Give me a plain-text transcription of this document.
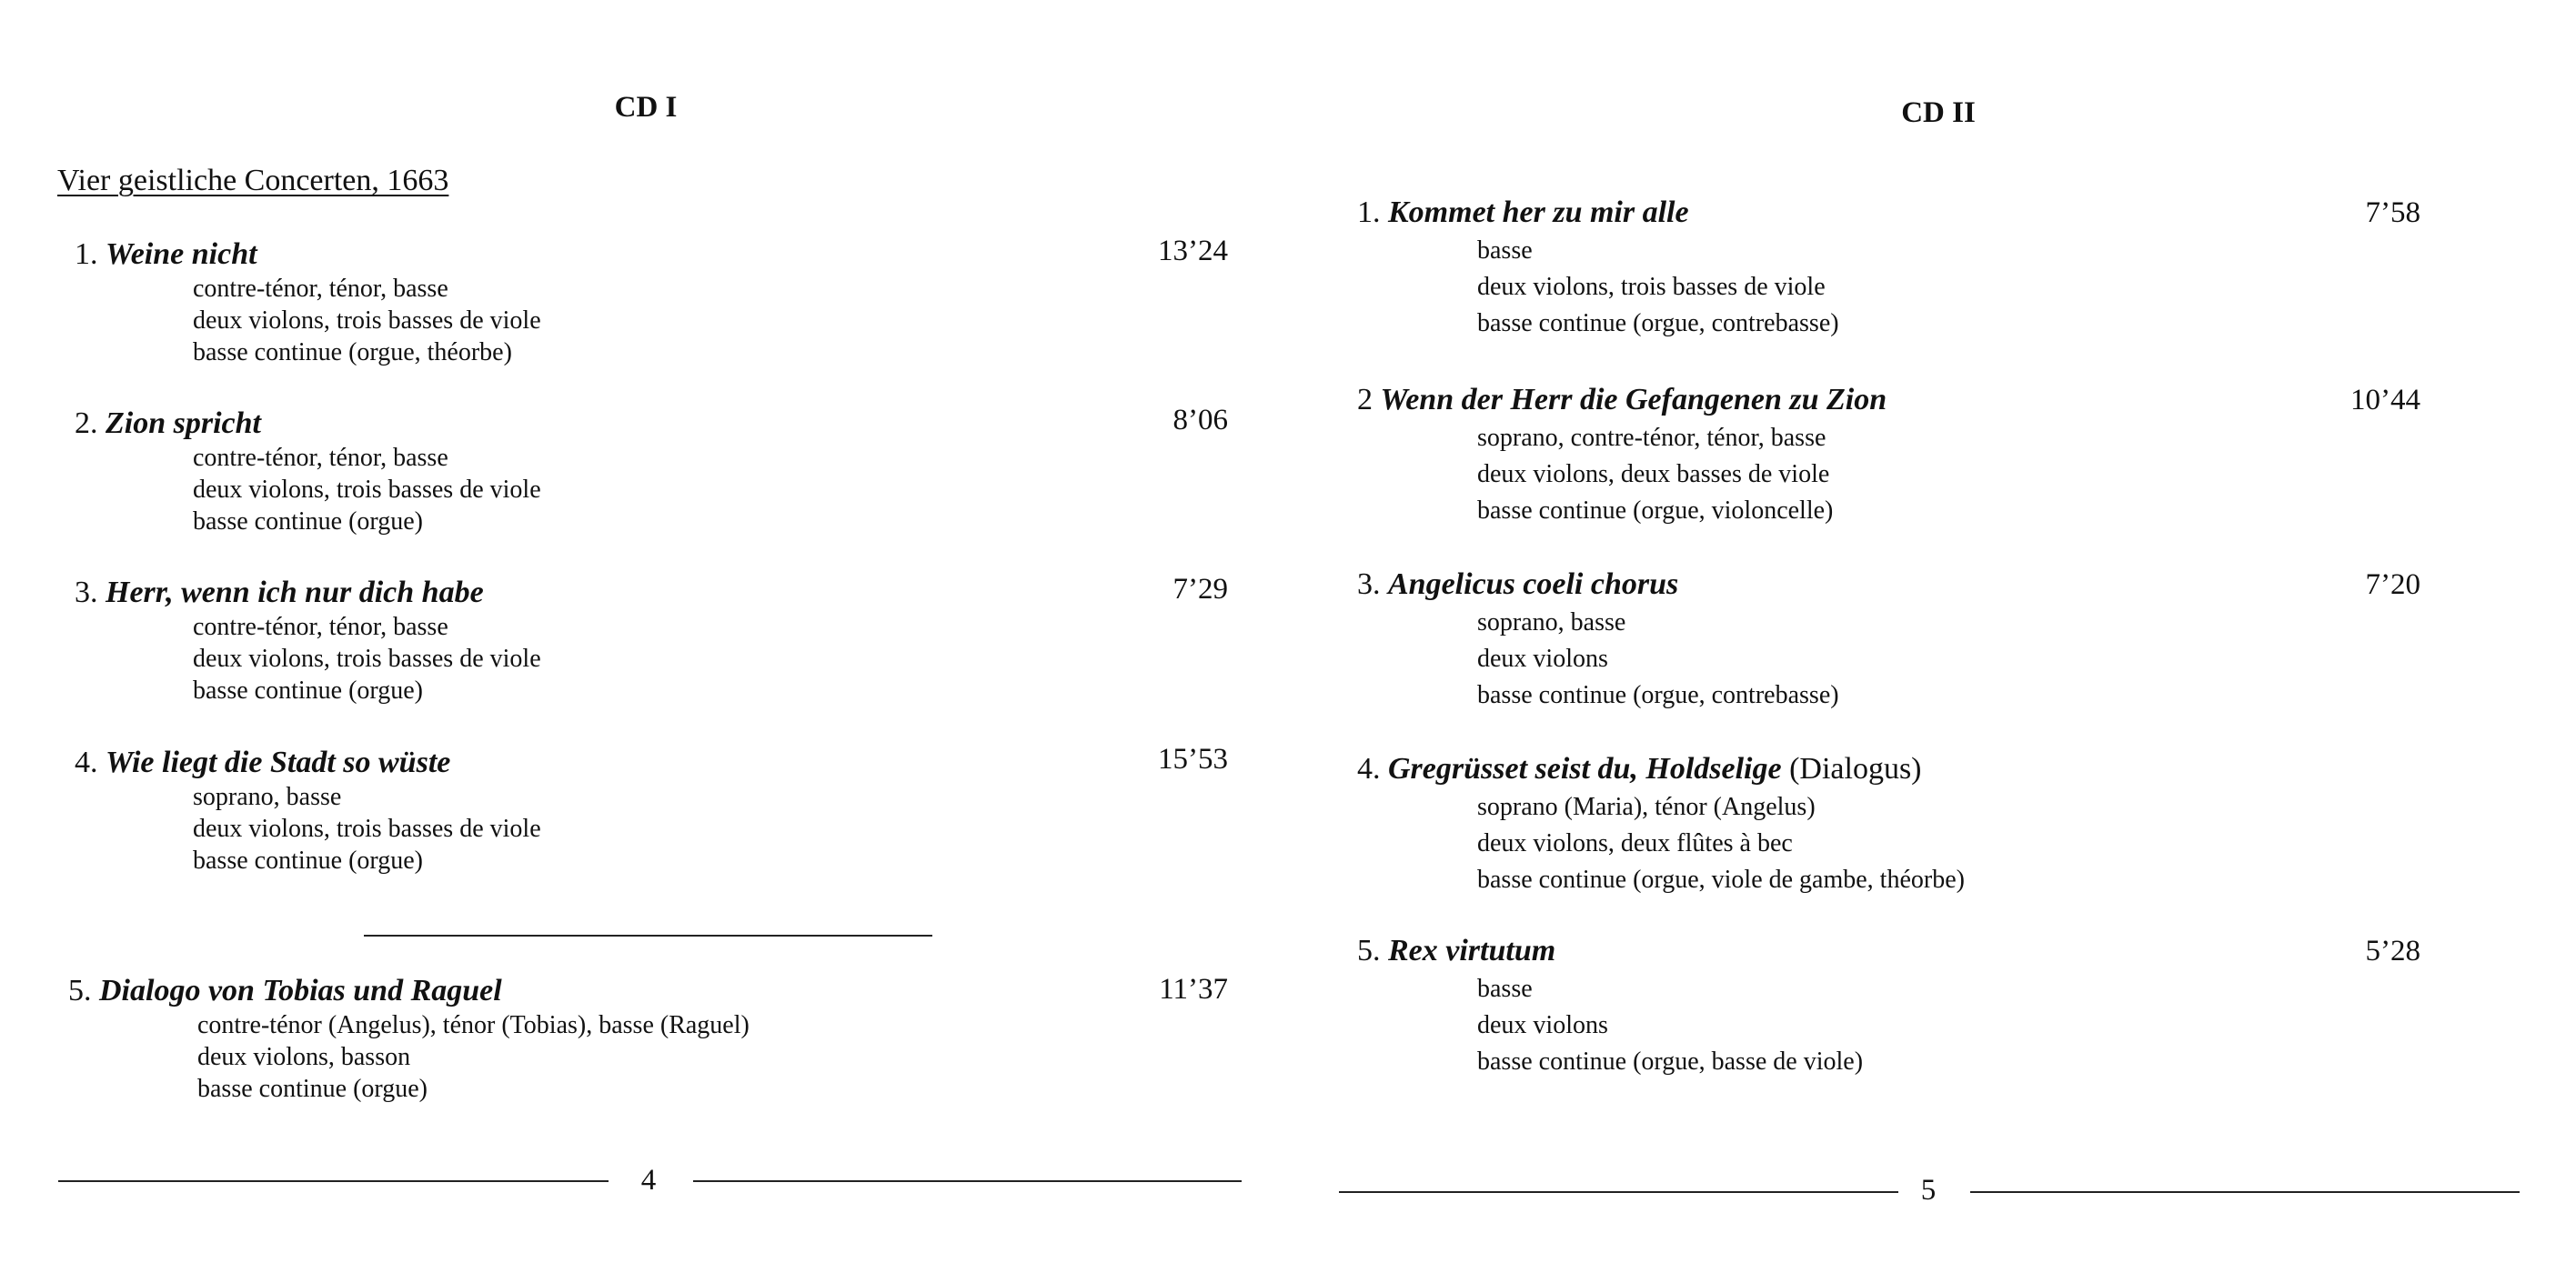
CD I
Vier geistliche Concerten, 1663
1. Weine nicht
contre-ténor, ténor, basse
deux violons, trois basses de viole
basse continue (orgue, théorbe)
13’24
2. Zion spricht
contre-ténor, ténor, basse
deux violons, trois basses de viole
basse continue (orgue)
8’06
3. Herr, wenn ich nur dich habe
contre-ténor, ténor, basse
deux violons, trois basses de viole
basse continue (orgue)
7’29
4. Wie liegt die Stadt so wüste
soprano, basse
deux violons, trois basses de viole
basse continue (orgue)
15’53
5. Dialogo von Tobias und Raguel
contre-ténor (Angelus), ténor (Tobias), basse (Raguel)
deux violons, basson
basse continue (orgue)
11’37
4
CD II
1. Kommet her zu mir alle
basse
deux violons, trois basses de viole
basse continue (orgue, contrebasse)
7’58
2 Wenn der Herr die Gefangenen zu Zion
soprano, contre-ténor, ténor, basse
deux violons, deux basses de viole
basse continue (orgue, violoncelle)
10’44
3. Angelicus coeli chorus
soprano, basse
deux violons
basse continue (orgue, contrebasse)
7’20
4. Gregrüsset seist du, Holdselige (Dialogus)
soprano (Maria), ténor (Angelus)
deux violons, deux flûtes à bec
basse continue (orgue, viole de gambe, théorbe)
5. Rex virtutum
basse
deux violons
basse continue (orgue, basse de viole)
5’28
5
